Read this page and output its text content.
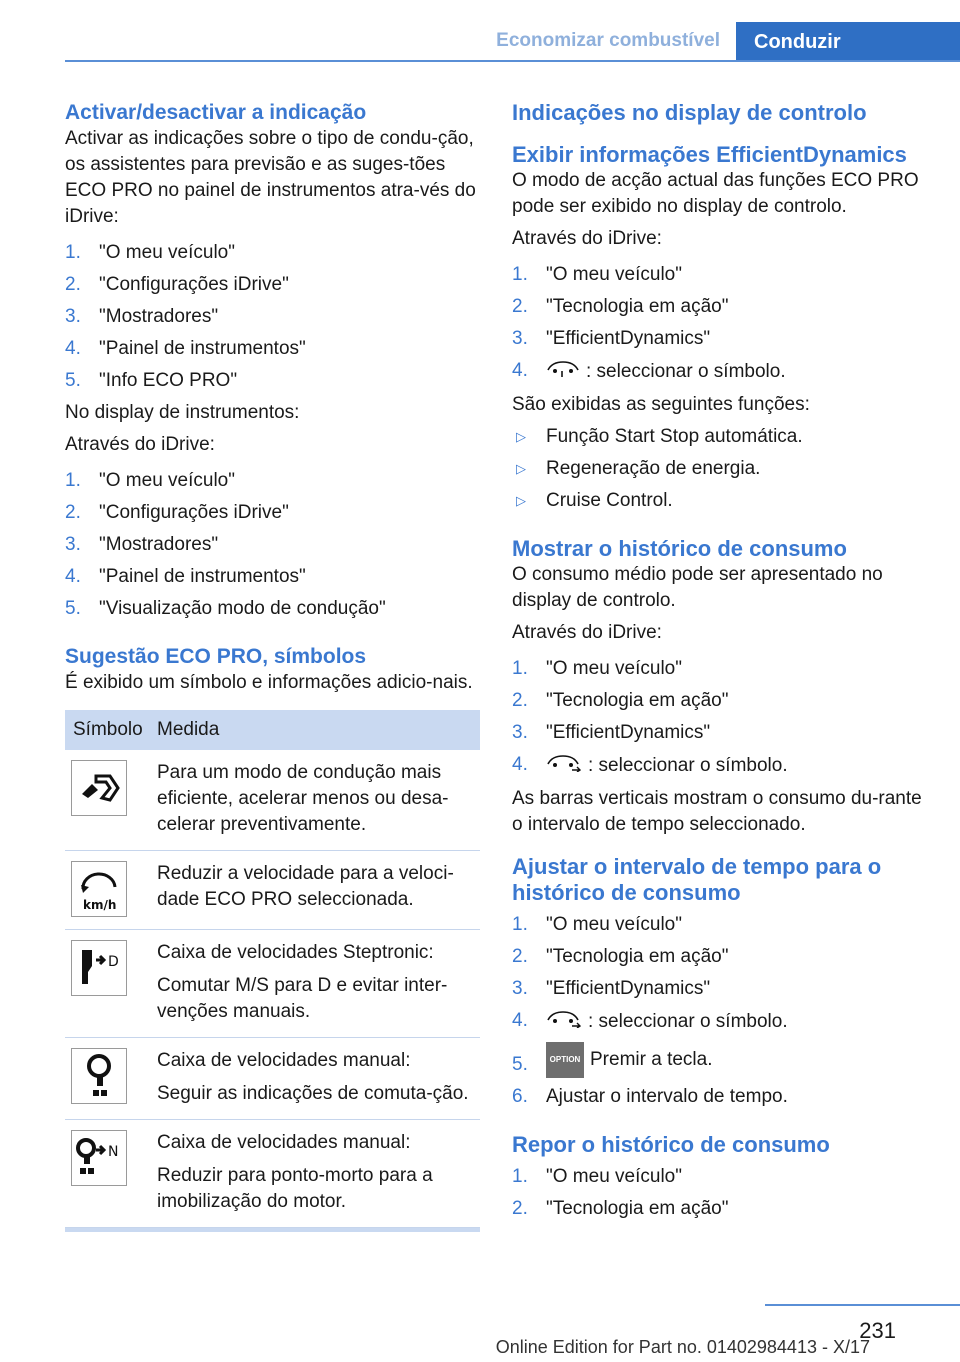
Economizar combustível	Conduzir
Activar/desactivar a indicação

Activar as indicações sobre o tipo de condu-ção, os assistentes para previsão e as suges-tões ECO PRO no painel de instrumentos atra-vés do iDrive:

1. "O meu veículo"
2. "Configurações iDrive"
3. "Mostradores"
4. "Painel de instrumentos"
5. "Info ECO PRO"

No display de instrumentos:

Através do iDrive:

1. "O meu veículo"
2. "Configurações iDrive"
3. "Mostradores"
4. "Painel de instrumentos"
5. "Visualização modo de condução"
Sugestão ECO PRO, símbolos

É exibido um símbolo e informações adicio-nais.

Símbolo	Medida

Para um modo de condução mais eficiente, acelerar menos ou desa-celerar preventivamente.

km/h	Reduzir a velocidade para a veloci-dade ECO PRO seleccionada.

D	Caixa de velocidades Steptronic:

Comutar M/S para D e evitar inter-venções manuais.

Caixa de velocidades manual:

Seguir as indicações de comuta-ção.

N	Caixa de velocidades manual:

Reduzir para ponto-morto para a imobilização do motor.

Indicações no display de controlo
Exibir informações EfficientDynamics

O modo de acção actual das funções ECO PRO pode ser exibido no display de controlo.

Através do iDrive:

1. "O meu veículo"
2. "Tecnologia em ação"
3. "EfficientDynamics"
4.	: seleccionar o símbolo.

São exibidas as seguintes funções:

▷	Função Start Stop automática.
▷	Regeneração de energia.
▷	Cruise Control.
Mostrar o histórico de consumo

O consumo médio pode ser apresentado no display de controlo.

Através do iDrive:

1. "O meu veículo"
2. "Tecnologia em ação"
3. "EfficientDynamics"
4.	: seleccionar o símbolo.

As barras verticais mostram o consumo du-rante o intervalo de tempo seleccionado.

Ajustar o intervalo de tempo para o histórico de consumo
1. "O meu veículo"
2. "Tecnologia em ação"
3. "EfficientDynamics"
4.	: seleccionar o símbolo.
5.	OPTION Premir a tecla.
6. Ajustar o intervalo de tempo.
Repor o histórico de consumo
1. "O meu veículo"
2. "Tecnologia em ação"
231
Online Edition for Part no. 01402984413 - X/17
